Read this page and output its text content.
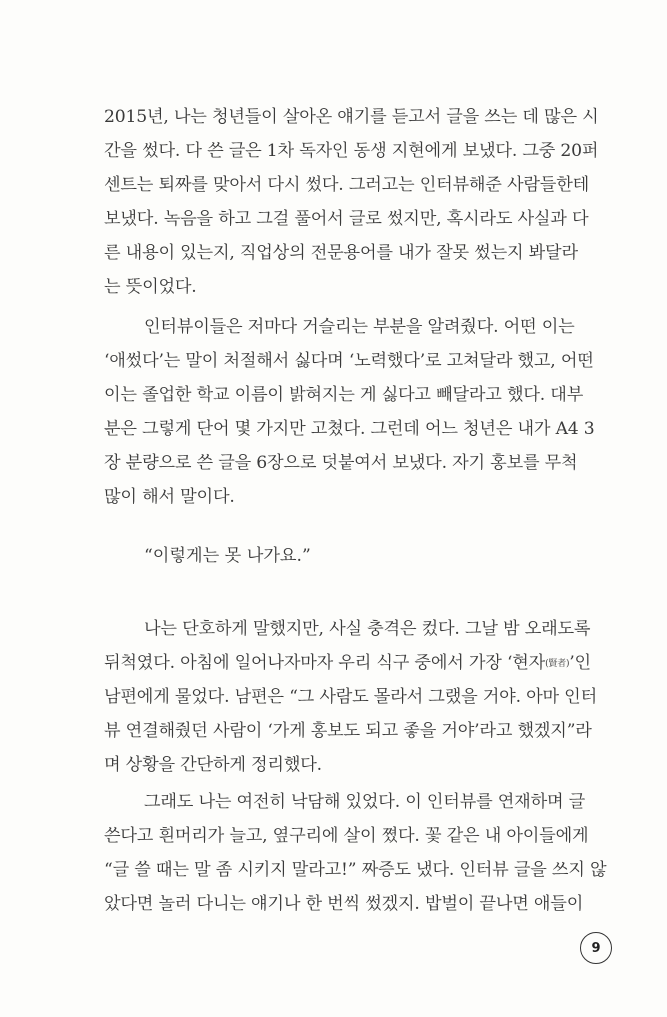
2015년, 나는 청년들이 살아온 얘기를 듣고서 글을 쓰는 데 많은 시
간을 썼다. 다 쓴 글은 1차 독자인 동생 지현에게 보냈다. 그중 20퍼
센트는 퇴짜를 맞아서 다시 썼다. 그러고는 인터뷰해준 사람들한테
보냈다. 녹음을 하고 그걸 풀어서 글로 썼지만, 혹시라도 사실과 다
른 내용이 있는지, 직업상의 전문용어를 내가 잘못 썼는지 봐달라
는 뜻이었다.
인터뷰이들은 저마다 거슬리는 부분을 알려줬다. 어떤 이는
‘애썼다’는 말이 처절해서 싫다며 ‘노력했다’로 고쳐달라 했고, 어떤
이는 졸업한 학교 이름이 밝혀지는 게 싫다고 빼달라고 했다. 대부
분은 그렇게 단어 몇 가지만 고쳤다. 그런데 어느 청년은 내가 A4 3
장 분량으로 쓴 글을 6장으로 덧붙여서 보냈다. 자기 홍보를 무척
많이 해서 말이다.
“이렇게는 못 나가요.”
나는 단호하게 말했지만, 사실 충격은 컸다. 그날 밤 오래도록
뒤척였다. 아침에 일어나자마자 우리 식구 중에서 가장 ‘현자(賢者)’인
남편에게 물었다. 남편은 “그 사람도 몰라서 그랬을 거야. 아마 인터
뷰 연결해줬던 사람이 ‘가게 홍보도 되고 좋을 거야’라고 했겠지”라
며 상황을 간단하게 정리했다.
그래도 나는 여전히 낙담해 있었다. 이 인터뷰를 연재하며 글
쓴다고 흰머리가 늘고, 옆구리에 살이 쪘다. 꽃 같은 내 아이들에게
“글 쓸 때는 말 좀 시키지 말라고!” 짜증도 냈다. 인터뷰 글을 쓰지 않
았다면 놀러 다니는 얘기나 한 번씩 썼겠지. 밥벌이 끝나면 애들이
9
